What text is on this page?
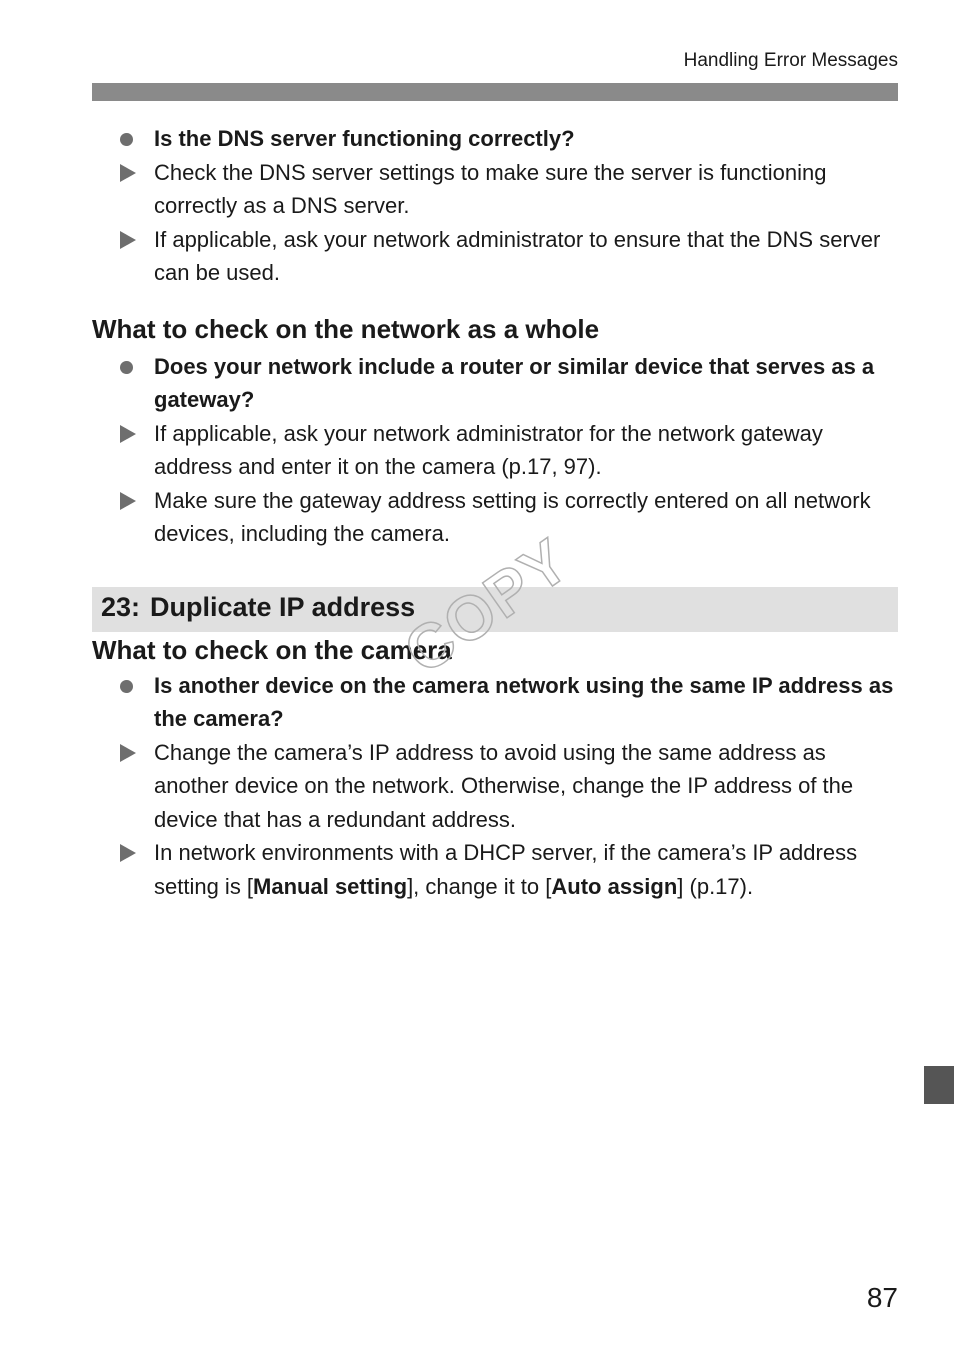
Handling Error Messages
Is the DNS server functioning correctly?
Check the DNS server settings to make sure the server is functioning correctly as a DNS server.
If applicable, ask your network administrator to ensure that the DNS server can be used.
What to check on the network as a whole
Does your network include a router or similar device that serves as a gateway?
If applicable, ask your network administrator for the network gateway address and enter it on the camera (p.17, 97).
Make sure the gateway address setting is correctly entered on all network devices, including the camera.
23: Duplicate IP address
What to check on the camera
Is another device on the camera network using the same IP address as the camera?
Change the camera’s IP address to avoid using the same address as another device on the network. Otherwise, change the IP address of the device that has a redundant address.
In network environments with a DHCP server, if the camera’s IP address setting is [Manual setting], change it to [Auto assign] (p.17).
COPY
87
